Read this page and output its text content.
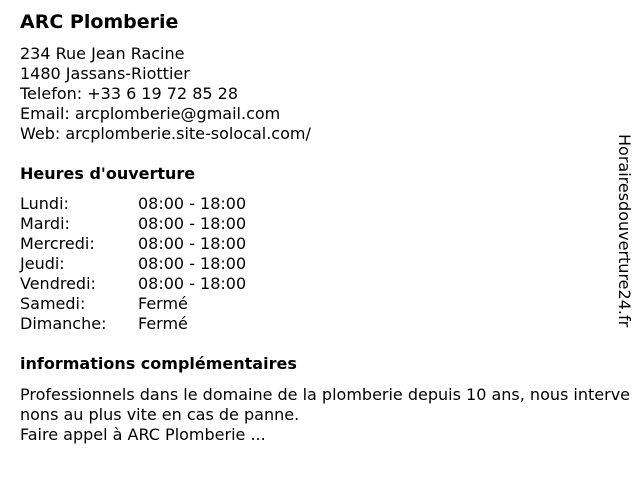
ARC Plomberie
234 Rue Jean Racine
1480 Jassans-Riottier
Telefon: +33 6 19 72 85 28
Email: arcplomberie@gmail.com
Web: arcplomberie.site-solocal.com/
Heures d'ouverture
Lundi:	08:00 - 18:00
Mardi:	08:00 - 18:00
Mercredi:	08:00 - 18:00
Jeudi:	08:00 - 18:00
Vendredi:	08:00 - 18:00
Samedi:	Fermé
Dimanche: Fermé
informations complémentaires

Professionnels dans le domaine de la plomberie depuis 10 ans, nous interven​ons au plus vite en cas de panne.

Faire appel à ARC Plomberie ...

Horairesdouverture24.fr
